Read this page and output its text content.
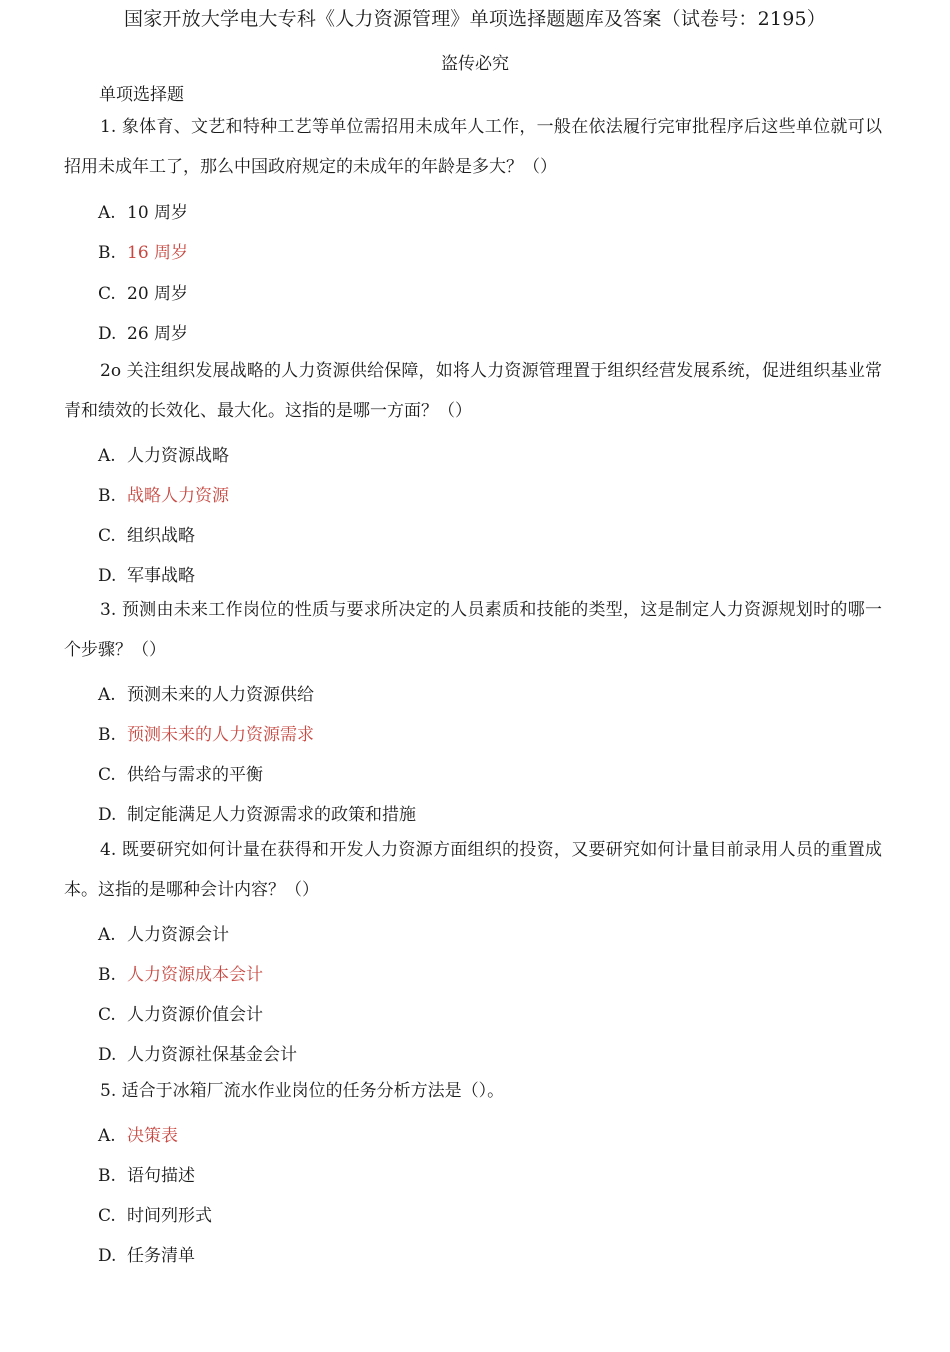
国家开放大学电大专科《人力资源管理》单项选择题题库及答案（试卷号：2195）
盗传必究
单项选择题
1. 象体育、文艺和特种工艺等单位需招用未成年人工作，一般在依法履行完审批程序后这些单位就可以招用未成年工了，那么中国政府规定的未成年的年龄是多大？（）
A. 10 周岁
B. 16 周岁
C. 20 周岁
D. 26 周岁
2o 关注组织发展战略的人力资源供给保障，如将人力资源管理置于组织经营发展系统，促进组织基业常青和绩效的长效化、最大化。这指的是哪一方面？（）
A. 人力资源战略
B. 战略人力资源
C. 组织战略
D. 军事战略
3. 预测由未来工作岗位的性质与要求所决定的人员素质和技能的类型，这是制定人力资源规划时的哪一个步骤？（）
A. 预测未来的人力资源供给
B. 预测未来的人力资源需求
C. 供给与需求的平衡
D. 制定能满足人力资源需求的政策和措施
4. 既要研究如何计量在获得和开发人力资源方面组织的投资，又要研究如何计量目前录用人员的重置成本。这指的是哪种会计内容？（）
A. 人力资源会计
B. 人力资源成本会计
C. 人力资源价值会计
D. 人力资源社保基金会计
5. 适合于冰箱厂流水作业岗位的任务分析方法是（）。
A. 决策表
B. 语句描述
C. 时间列形式
D. 任务清单
